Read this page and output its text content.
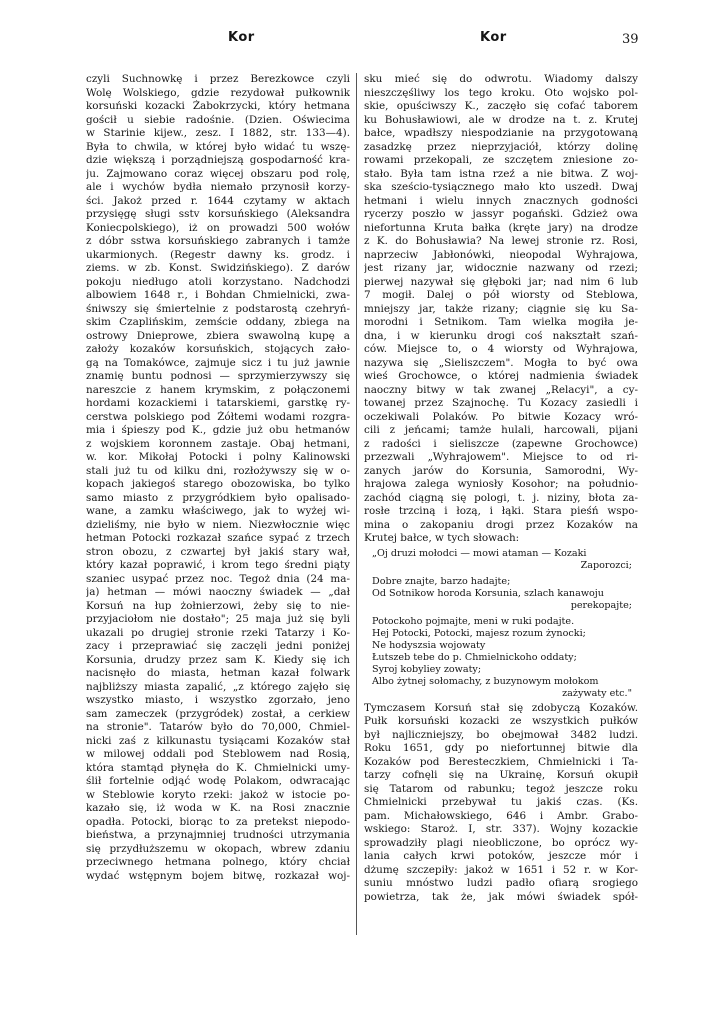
Kor	Kor	39
czyli Suchnowkę i przez Berezkowce czyli
Wolę Wolskiego, gdzie rezydował pułkownik
korsuński kozacki Żabokrzycki, który hetmana
gościł u siebie radośnie. (Dzien. Oświecima
w Starinie kijew., zesz. I 1882, str. 133—4).
Była to chwila, w której było widać tu wszę-
dzie większą i porządniejszą gospodarność kra-
ju. Zajmowano coraz więcej obszaru pod rolę,
ale i wychów bydła niemało przynosił korzy-
ści. Jakoż przed r. 1644 czytamy w aktach
przysięgę sługi sstv korsuńskiego (Aleksandra
Koniecpolskiego), iż on prowadzi 500 wołów
z dóbr sstwa korsuńskiego zabranych i tamże
ukarmionych. (Regestr dawny ks. grodz. i
ziems. w zb. Konst. Swidzińskiego). Z darów
pokoju niedługo atoli korzystano. Nadchodzi
albowiem 1648 r., i Bohdan Chmielnicki, zwa-
śniwszy się śmiertelnie z podstarostą czehryń-
skim Czaplińskim, zemście oddany, zbiega na
ostrowy Dnieprowe, zbiera swawolną kupę a
założy kozaków korsuńskich, stojących zało-
gą na Tomakówce, zajmuje sicz i tu już jawnie
znamię buntu podnosi — sprzymierzywszy się
nareszcie z hanem krymskim, z połączonemi
hordami kozackiemi i tatarskiemi, garstkę ry-
cerstwa polskiego pod Żółtemi wodami rozgra-
mia i śpieszy pod K., gdzie już obu hetmanów
z wojskiem koronnem zastaje. Obaj hetmani,
w. kor. Mikołaj Potocki i polny Kalinowski
stali już tu od kilku dni, rozłożywszy się w o-
kopach jakiegoś starego obozowiska, bo tylko
samo miasto z przygródkiem było opalisado-
wane, a zamku właściwego, jak to wyżej wi-
dzieliśmy, nie było w niem. Niezwłocznie więc
hetman Potocki rozkazał szańce sypać z trzech
stron obozu, z czwartej był jakiś stary wał,
który kazał poprawić, i krom tego średni piąty
szaniec usypać przez noc. Tegoż dnia (24 ma-
ja) hetman — mówi naoczny świadek — „dał
Korsuń na łup żołnierzowi, żeby się to nie-
przyjaciołom nie dostało"; 25 maja już się byli
ukazali po drugiej stronie rzeki Tatarzy i Ko-
zacy i przeprawiać się zaczęli jedni poniżej
Korsunia, drudzy przez sam K. Kiedy się ich
nacisnęło do miasta, hetman kazał folwark
najbliższy miasta zapalić, „z którego zajęło się
wszystko miasto, i wszystko zgorzało, jeno
sam zameczek (przygródek) został, a cerkiew
na stronie". Tatarów było do 70,000, Chmiel-
nicki zaś z kilkunastu tysiącami Kozaków stał
w milowej oddali pod Steblowem nad Rosią,
która stamtąd płynęła do K. Chmielnicki umy-
ślił fortelnie odjąć wodę Polakom, odwracając
w Steblowie koryto rzeki: jakoż w istocie po-
kazało się, iż woda w K. na Rosi znacznie
opadła. Potocki, biorąc to za pretekst niepodo-
bieństwa, a przynajmniej trudności utrzymania
się przydłuższemu w okopach, wbrew zdaniu
przeciwnego hetmana polnego, który chciał
wydać wstępnym bojem bitwę, rozkazał woj-
sku mieć się do odwrotu. Wiadomy dalszy
nieszczęśliwy los tego kroku. Oto wojsko pol-
skie, opuściwszy K., zaczęło się cofać taborem
ku Bohusławiowi, ale w drodze na t. z. Krutej
bałce, wpadłszy niespodzianie na przygotowaną
zasadzkę przez nieprzyjaciół, którzy dolinę
rowami przekopali, ze szczętem zniesione zo-
stało. Była tam istna rzeź a nie bitwa. Z woj-
ska sześcio-tysiącznego mało kto uszedł. Dwaj
hetmani i wielu innych znacznych godności
rycerzy poszło w jassyr pogański. Gdzież owa
niefortunna Kruta bałka (kręte jary) na drodze
z K. do Bohusławia? Na lewej stronie rz. Rosi,
naprzeciw Jabłonówki, nieopodal Wyhrajowa,
jest rizany jar, widocznie nazwany od rzezi;
pierwej nazywał się głęboki jar; nad nim 6 lub
7 mogił. Dalej o pół wiorsty od Steblowa,
mniejszy jar, także rizany; ciągnie się ku Sa-
morodni i Setnikom. Tam wielka mogiła je-
dna, i w kierunku drogi coś nakształt szań-
ców. Miejsce to, o 4 wiorsty od Wyhrajowa,
nazywa się „Sieliszczem". Mogła to być owa
wieś Grochowce, o której nadmienia świadek
naoczny bitwy w tak zwanej „Relacyi", a cy-
towanej przez Szajnochę. Tu Kozacy zasiedli i
oczekiwali Polaków. Po bitwie Kozacy wró-
cili z jeńcami; tamże hulali, harcowali, pijani
z radości i sieliszcze (zapewne Grochowce)
przezwali „Wyhrajowem". Miejsce to od ri-
zanych jarów do Korsunia, Samorodni, Wy-
hrajowa zalega wyniosły Kosohor; na południo-
zachód ciągną się pologi, t. j. niziny, błota za-
rosłe trzciną i łozą, i łąki. Stara pieśń wspo-
mina o zakopaniu drogi przez Kozaków na
Krutej bałce, w tych słowach:
„Oj druzi mołodci — mowi ataman — Kozaki
Zaporozci;
Dobre znajte, barzo hadajte;
Od Sotnikow horoda Korsunia, szlach kanawoju
perekopajte;
Potockoho pojmajte, meni w ruki podajte.
Hej Potocki, Potocki, majesz rozum żynocki;
Ne hodyszsia wojowaty
Łutszeb tebe do p. Chmielnickoho oddaty;
Syroj kobyliey zowaty;
Albo żytnej sołomachy, z buzynowym mołokom
zażywaty etc."
Tymczasem Korsuń stał się zdobyczą Kozaków.
Pułk korsuński kozacki ze wszystkich pułków
był najliczniejszy, bo obejmował 3482 ludzi.
Roku 1651, gdy po niefortunnej bitwie dla
Kozaków pod Beresteczkiem, Chmielnicki i Ta-
tarzy cofnęli się na Ukrainę, Korsuń okupił
się Tatarom od rabunku; tegoż jeszcze roku
Chmielnicki przebywał tu jakiś czas. (Ks.
pam. Michałowskiego, 646 i Ambr. Grabo-
wskiego: Staroż. I, str. 337). Wojny kozackie
sprowadziły plagi nieobliczone, bo oprócz wy-
lania całych krwi potoków, jeszcze mór i
dżumę szczepiły: jakoż w 1651 i 52 r. w Kor-
suniu mnóstwo ludzi padło ofiarą srogiego
powietrza, tak że, jak mówi świadek spół-
